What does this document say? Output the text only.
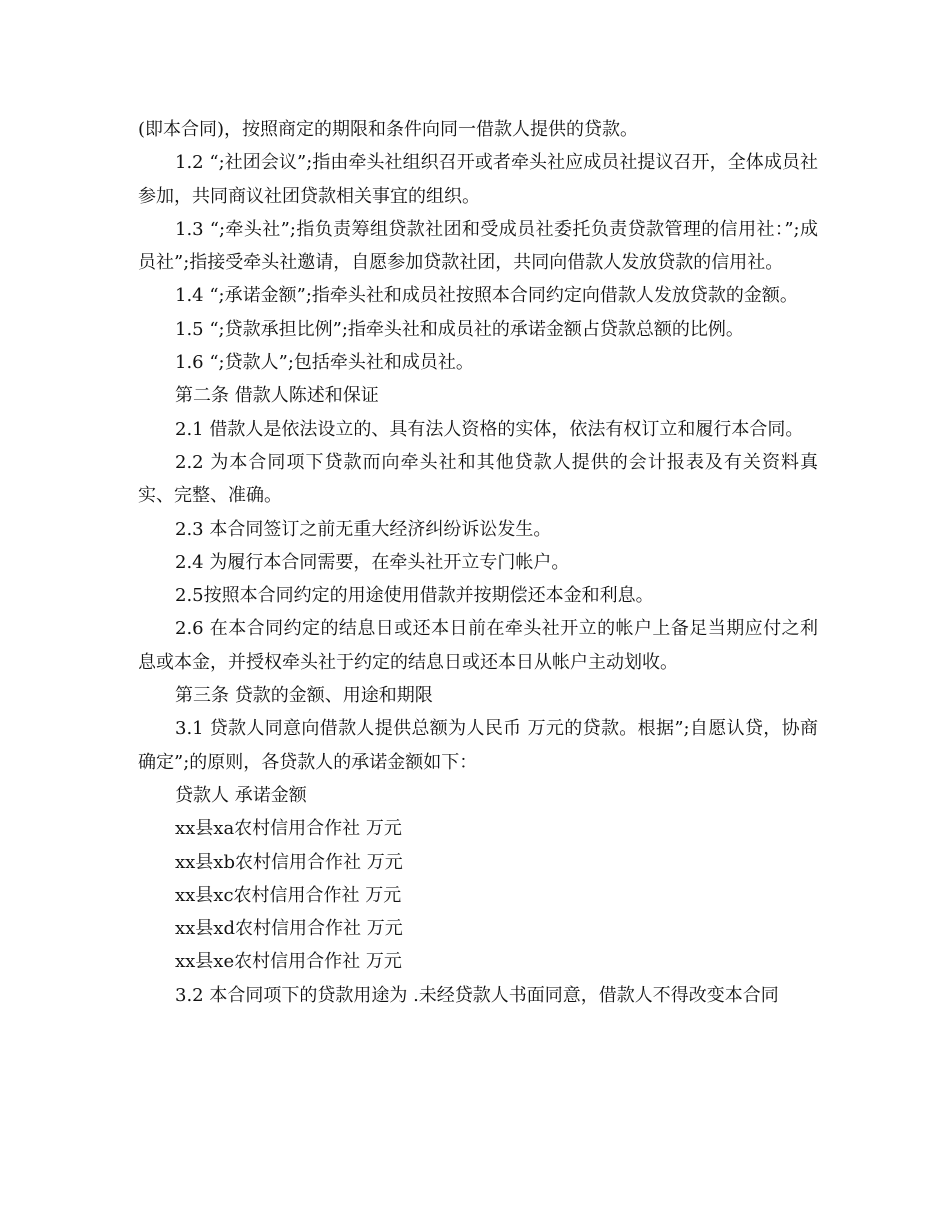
(即本合同)，按照商定的期限和条件向同一借款人提供的贷款。

1.2 “;社团会议”;指由牵头社组织召开或者牵头社应成员社提议召开，全体成员社参加，共同商议社团贷款相关事宜的组织。

1.3 “;牵头社”;指负责筹组贷款社团和受成员社委托负责贷款管理的信用社：”;成员社”;指接受牵头社邀请，自愿参加贷款社团，共同向借款人发放贷款的信用社。

1.4 “;承诺金额”;指牵头社和成员社按照本合同约定向借款人发放贷款的金额。

1.5 “;贷款承担比例”;指牵头社和成员社的承诺金额占贷款总额的比例。

1.6 “;贷款人”;包括牵头社和成员社。

第二条 借款人陈述和保证

2.1 借款人是依法设立的、具有法人资格的实体，依法有权订立和履行本合同。

2.2 为本合同项下贷款而向牵头社和其他贷款人提供的会计报表及有关资料真实、完整、准确。

2.3 本合同签订之前无重大经济纠纷诉讼发生。

2.4 为履行本合同需要，在牵头社开立专门帐户。

2.5按照本合同约定的用途使用借款并按期偿还本金和利息。

2.6 在本合同约定的结息日或还本日前在牵头社开立的帐户上备足当期应付之利息或本金，并授权牵头社于约定的结息日或还本日从帐户主动划收。

第三条 贷款的金额、用途和期限

3.1 贷款人同意向借款人提供总额为人民币 万元的贷款。根据”;自愿认贷，协商确定”;的原则，各贷款人的承诺金额如下：

贷款人 承诺金额

xx县xa农村信用合作社 万元
xx县xb农村信用合作社 万元
xx县xc农村信用合作社 万元
xx县xd农村信用合作社 万元
xx县xe农村信用合作社 万元

3.2 本合同项下的贷款用途为 .未经贷款人书面同意，借款人不得改变本合同
